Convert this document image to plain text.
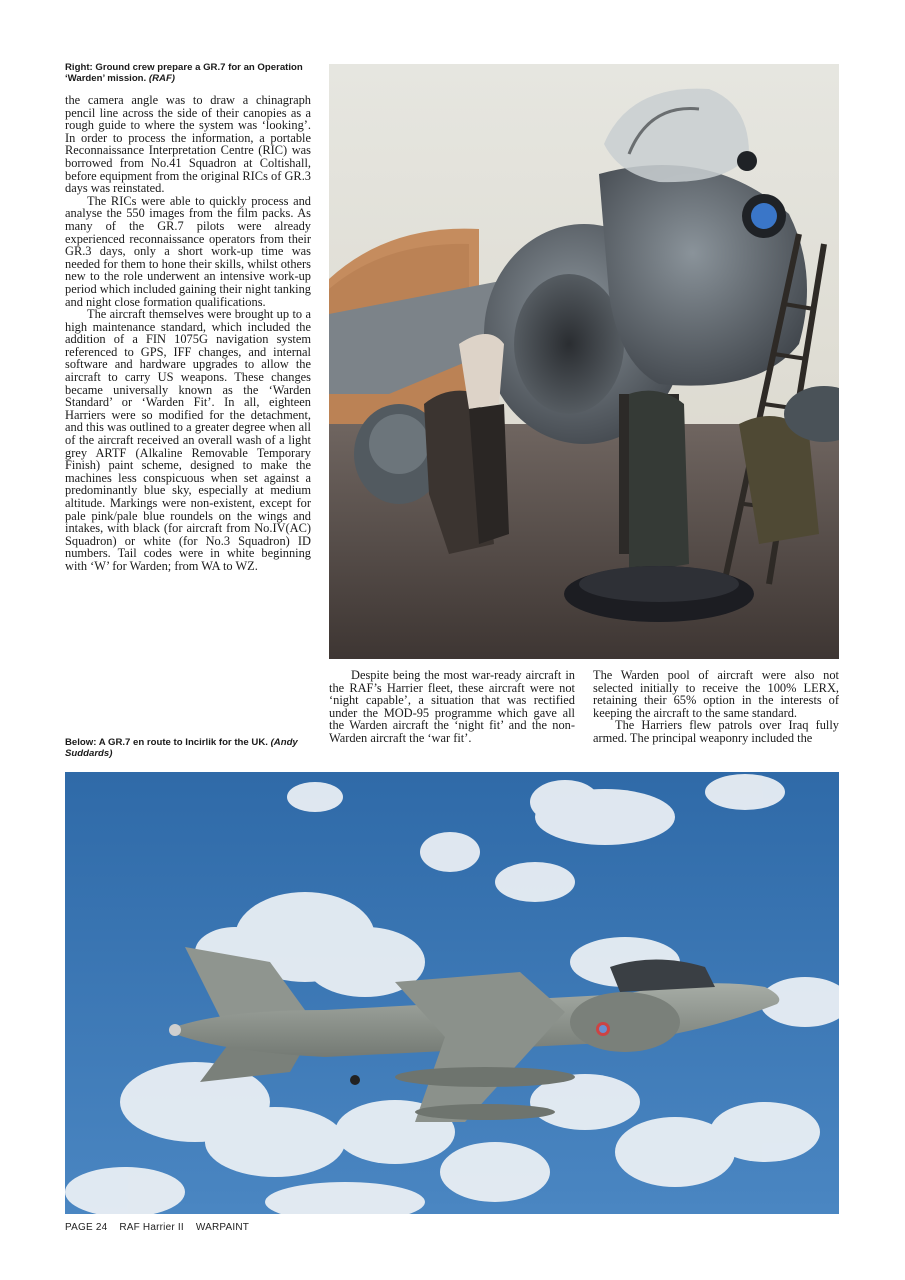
Right: Ground crew prepare a GR.7 for an Operation ‘Warden’ mission. (RAF)

the camera angle was to draw a chinagraph pencil line across the side of their canopies as a rough guide to where the system was ‘looking’. In order to process the information, a portable Reconnaissance Interpretation Centre (RIC) was borrowed from No.41 Squadron at Coltishall, before equipment from the original RICs of GR.3 days was reinstated.

The RICs were able to quickly process and analyse the 550 images from the film packs. As many of the GR.7 pilots were already experienced reconnaissance operators from their GR.3 days, only a short work-up time was needed for them to hone their skills, whilst others new to the role underwent an intensive work-up period which included gaining their night tanking and night close formation qualifications.

The aircraft themselves were brought up to a high maintenance standard, which included the addition of a FIN 1075G navigation system referenced to GPS, IFF changes, and internal software and hardware upgrades to allow the aircraft to carry US weapons. These changes became universally known as the ‘Warden Standard’ or ‘Warden Fit’. In all, eighteen Harriers were so modified for the detachment, and this was outlined to a greater degree when all of the aircraft received an overall wash of a light grey ARTF (Alkaline Removable Temporary Finish) paint scheme, designed to make the machines less conspicuous when set against a predominantly blue sky, especially at medium altitude. Markings were non-existent, except for pale pink/pale blue roundels on the wings and intakes, with black (for aircraft from No.IV(AC) Squadron) or white (for No.3 Squadron) ID numbers. Tail codes were in white beginning with ‘W’ for Warden; from WA to WZ.

Below: A GR.7 en route to Incirlik for the UK. (Andy Suddards)

Despite being the most war-ready aircraft in the RAF’s Harrier fleet, these aircraft were not ‘night capable’, a situation that was rectified under the MOD-95 programme which gave all the Warden aircraft the ‘night fit’ and the non-Warden aircraft the ‘war fit’.

The Warden pool of aircraft were also not selected initially to receive the 100% LERX, retaining their 65% option in the interests of keeping the aircraft to the same standard.

The Harriers flew patrols over Iraq fully armed. The principal weaponry included the

PAGE 24 RAF Harrier II WARPAINT
